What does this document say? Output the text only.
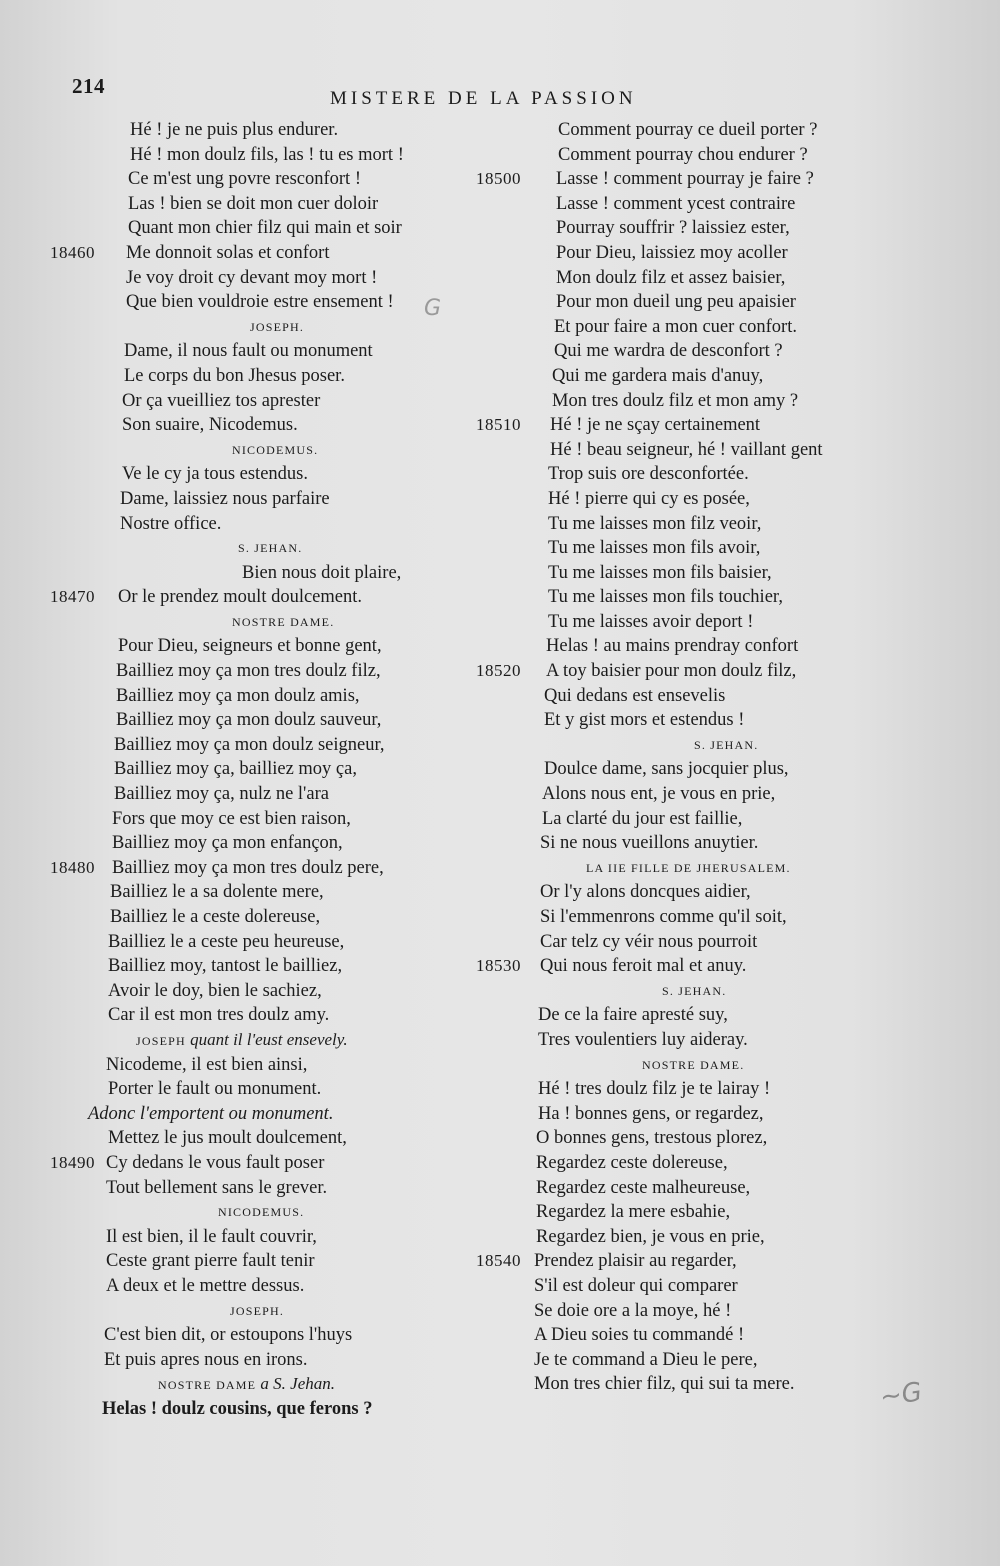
214
MISTERE DE LA PASSION
Hé ! je ne puis plus endurer.
Hé ! mon doulz fils, las ! tu es mort !
Ce m'est ung povre resconfort !
Las ! bien se doit mon cuer doloir
Quant mon chier filz qui main et soir
18460 Me donnoit solas et confort
Je voy droit cy devant moy mort !
Que bien vouldroie estre ensement !
JOSEPH.
Dame, il nous fault ou monument
Le corps du bon Jhesus poser.
Or ça vueilliez tos aprester
Son suaire, Nicodemus.
NICODEMUS.
Ve le cy ja tous estendus.
Dame, laissiez nous parfaire
Nostre office.
S. JEHAN.
Bien nous doit plaire,
18470 Or le prendez moult doulcement.
NOSTRE DAME.
Pour Dieu, seigneurs et bonne gent,
Bailliez moy ça mon tres doulz filz,
Bailliez moy ça mon doulz amis,
Bailliez moy ça mon doulz sauveur,
Bailliez moy ça mon doulz seigneur,
Bailliez moy ça, bailliez moy ça,
Bailliez moy ça, nulz ne l'ara
Fors que moy ce est bien raison,
Bailliez moy ça mon enfançon,
18480 Bailliez moy ça mon tres doulz pere,
Bailliez le a sa dolente mere,
Bailliez le a ceste dolereuse,
Bailliez le a ceste peu heureuse,
Bailliez moy, tantost le bailliez,
Avoir le doy, bien le sachiez,
Car il est mon tres doulz amy.
JOSEPH quant il l'eust ensevely.
Nicodeme, il est bien ainsi,
Porter le fault ou monument.
Adonc l'emportent ou monument.
Mettez le jus moult doulcement,
18490 Cy dedans le vous fault poser
Tout bellement sans le grever.
NICODEMUS.
Il est bien, il le fault couvrir,
Ceste grant pierre fault tenir
A deux et le mettre dessus.
JOSEPH.
C'est bien dit, or estoupons l'huys
Et puis apres nous en irons.
NOSTRE DAME a S. Jehan.
Helas ! doulz cousins, que ferons ?
Comment pourray ce dueil porter ?
Comment pourray chou endurer ?
18500 Lasse ! comment pourray je faire ?
Lasse ! comment ycest contraire
Pourray souffrir ? laissiez ester,
Pour Dieu, laissiez moy acoller
Mon doulz filz et assez baisier,
Pour mon dueil ung peu apaisier
Et pour faire a mon cuer confort.
Qui me wardra de desconfort ?
Qui me gardera mais d'anuy,
Mon tres doulz filz et mon amy ?
18510 Hé ! je ne sçay certainement
Hé ! beau seigneur, hé ! vaillant gent
Trop suis ore desconfortée.
Hé ! pierre qui cy es posée,
Tu me laisses mon filz veoir,
Tu me laisses mon fils avoir,
Tu me laisses mon fils baisier,
Tu me laisses mon fils touchier,
Tu me laisses avoir deport !
Helas ! au mains prendray confort
18520 A toy baisier pour mon doulz filz,
Qui dedans est ensevelis
Et y gist mors et estendus !
S. JEHAN.
Doulce dame, sans jocquier plus,
Alons nous ent, je vous en prie,
La clarté du jour est faillie,
Si ne nous vueillons anuytier.
LA IIE FILLE DE JHERUSALEM.
Or l'y alons doncques aidier,
Si l'emmenrons comme qu'il soit,
Car telz cy véir nous pourroit
18530 Qui nous feroit mal et anuy.
S. JEHAN.
De ce la faire apresté suy,
Tres voulentiers luy aideray.
NOSTRE DAME.
Hé ! tres doulz filz je te lairay !
Ha ! bonnes gens, or regardez,
O bonnes gens, trestous plorez,
Regardez ceste dolereuse,
Regardez ceste malheureuse,
Regardez la mere esbahie,
Regardez bien, je vous en prie,
18540 Prendez plaisir au regarder,
S'il est doleur qui comparer
Se doie ore a la moye, hé !
A Dieu soies tu commandé !
Je te command a Dieu le pere,
Mon tres chier filz, qui sui ta mere.
G
~G
